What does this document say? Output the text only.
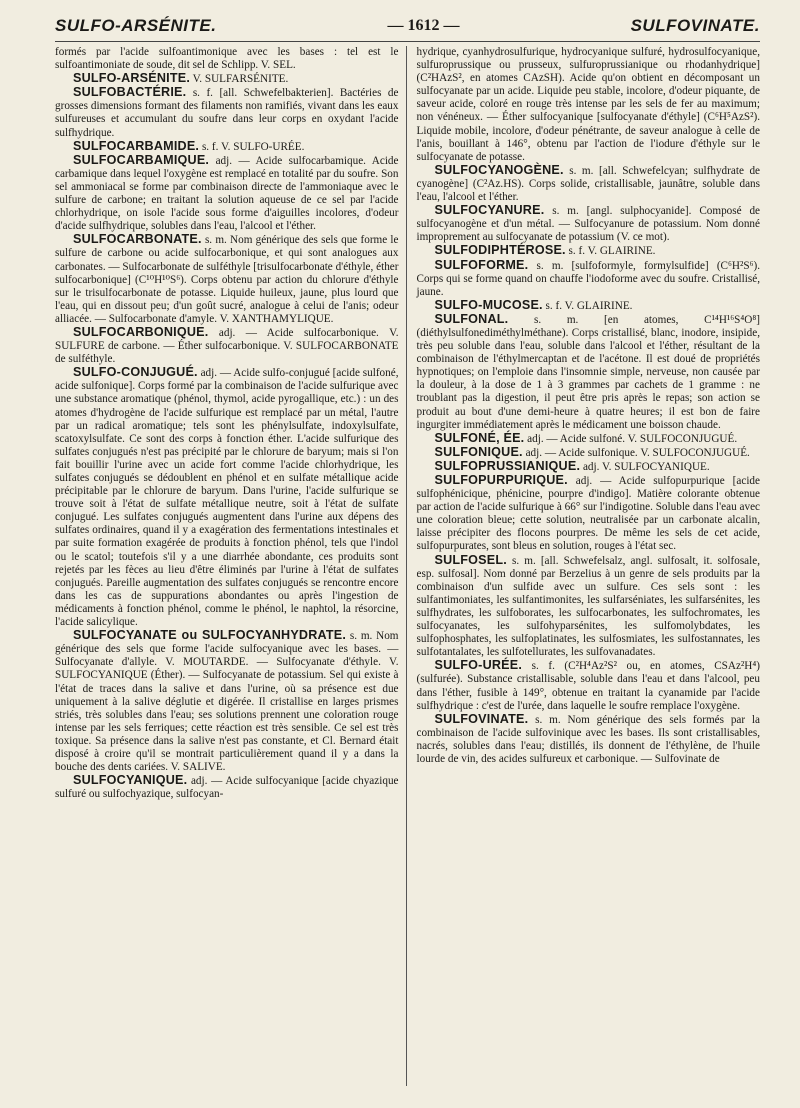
SULFO-ARSÉNITE.	— 1612 —	SULFOVINATE.

formés par l'acide sulfoantimonique avec les bases : tel est le sulfoantimoniate de soude, dit sel de Schlipp. V. SEL.

SULFO-ARSÉNITE. V. SULFARSÉNITE.

SULFOBACTÉRIE. s. f. [all. Schwefelbakterien]. Bactéries de grosses dimensions formant des filaments non ramifiés, vivant dans les eaux sulfureuses et accumulant du soufre dans leur corps en oxydant l'acide sulfhydrique.

SULFOCARBAMIDE. s. f. V. SULFO-URÉE.

SULFOCARBAMIQUE. adj. — Acide sulfocarbamique. Acide carbamique dans lequel l'oxygène est remplacé en totalité par du soufre. Son sel ammoniacal se forme par combinaison directe de l'ammoniaque avec le sulfure de carbone; en traitant la solution aqueuse de ce sel par l'acide chlorhydrique, on isole l'acide sous forme d'aiguilles incolores, d'odeur d'acide sulfhydrique, solubles dans l'eau, l'alcool et l'éther.

SULFOCARBONATE. s. m. Nom générique des sels que forme le sulfure de carbone ou acide sulfocarbonique, et qui sont analogues aux carbonates. — Sulfocarbonate de sulféthyle [trisulfocarbonate d'éthyle, éther sulfocarbonique] (C¹⁰H¹⁰S⁶). Corps obtenu par action du chlorure d'éthyle sur le trisulfocarbonate de potasse. Liquide huileux, jaune, plus lourd que l'eau, qui en dissout peu; d'un goût sucré, analogue à celui de l'anis; odeur alliacée. — Sulfocarbonate d'amyle. V. XANTHAMYLIQUE.

SULFOCARBONIQUE. adj. — Acide sulfocarbonique. V. SULFURE de carbone. — Éther sulfocarbonique. V. SULFOCARBONATE de sulféthyle.

SULFO-CONJUGUÉ. adj. — Acide sulfo-conjugué [acide sulfoné, acide sulfonique]. Corps formé par la combinaison de l'acide sulfurique avec une substance aromatique (phénol, thymol, acide pyrogallique, etc.) : un des atomes d'hydrogène de l'acide sulfurique est remplacé par un métal, l'autre par un radical aromatique; tels sont les phénylsulfate, indoxylsulfate, scatoxylsulfate. Ce sont des corps à fonction éther. L'acide sulfurique des sulfates conjugués n'est pas précipité par le chlorure de baryum; mais si l'on fait bouillir l'urine avec un acide fort comme l'acide chlorhydrique, les sulfates conjugués se dédoublent en phénol et en sulfate métallique acide précipitable par le chlorure de baryum. Dans l'urine, l'acide sulfurique se trouve soit à l'état de sulfate métallique neutre, soit à l'état de sulfate conjugué. Les sulfates conjugués augmentent dans l'urine aux dépens des sulfates ordinaires, quand il y a exagération des fermentations intestinales et par suite formation exagérée de produits à fonction phénol, tels que l'indol ou le scatol; toutefois s'il y a une diarrhée abondante, ces produits sont rejetés par les fèces au lieu d'être éliminés par l'urine à l'état de sulfates conjugués. Pareille augmentation des sulfates conjugués se rencontre encore dans les cas de suppurations abondantes ou après l'ingestion de médicaments à fonction phénol, comme le phénol, le naphtol, la résorcine, l'acide salicylique.

SULFOCYANATE ou SULFOCYANHYDRATE. s. m. Nom générique des sels que forme l'acide sulfocyanique avec les bases. — Sulfocyanate d'allyle. V. MOUTARDE. — Sulfocyanate d'éthyle. V. SULFOCYANIQUE (Éther). — Sulfocyanate de potassium. Sel qui existe à l'état de traces dans la salive et dans l'urine, où sa présence est due uniquement à la salive déglutie et digérée. Il cristallise en larges prismes striés, très solubles dans l'eau; ses solutions prennent une coloration rouge intense par les sels ferriques; cette réaction est très sensible. Ce sel est très toxique. Sa présence dans la salive n'est pas constante, et Cl. Bernard était disposé à croire qu'il se montrait particulièrement quand il y a dans la bouche des dents cariées. V. SALIVE.

SULFOCYANIQUE. adj. — Acide sulfocyanique [acide chyazique sulfuré ou sulfochyazique, sulfocyan-

hydrique, cyanhydrosulfurique, hydrocyanique sulfuré, hydrosulfocyanique, sulfuroprussique ou prusseux, sulfuroprussianique ou rhodanhydrique] (C²HAzS², en atomes CAzSH). Acide qu'on obtient en décomposant un sulfocyanate par un acide. Liquide peu stable, incolore, d'odeur piquante, de saveur acide, coloré en rouge très intense par les sels de fer au maximum; non vénéneux. — Éther sulfocyanique [sulfocyanate d'éthyle] (C⁶H⁵AzS²). Liquide mobile, incolore, d'odeur pénétrante, de saveur analogue à celle de l'anis, bouillant à 146°, obtenu par l'action de l'iodure d'éthyle sur le sulfocyanate de potasse.

SULFOCYANOGÈNE. s. m. [all. Schwefelcyan; sulfhydrate de cyanogène] (C²Az.HS). Corps solide, cristallisable, jaunâtre, soluble dans l'eau, l'alcool et l'éther.

SULFOCYANURE. s. m. [angl. sulphocyanide]. Composé de sulfocyanogène et d'un métal. — Sulfocyanure de potassium. Nom donné improprement au sulfocyanate de potassium (V. ce mot).

SULFODIPHTÉROSE. s. f. V. GLAIRINE.

SULFOFORME. s. m. [sulfoformyle, formylsulfide] (C⁶H²S⁶). Corps qui se forme quand on chauffe l'iodoforme avec du soufre. Cristallisé, jaune.

SULFO-MUCOSE. s. f. V. GLAIRINE.

SULFONAL. s. m. [en atomes, C¹⁴H¹⁶S⁴O⁸] (diéthylsulfonediméthylméthane). Corps cristallisé, blanc, inodore, insipide, très peu soluble dans l'eau, soluble dans l'alcool et l'éther, résultant de la combinaison de l'éthylmercaptan et de l'acétone. Il est doué de propriétés hypnotiques; on l'emploie dans l'insomnie simple, nerveuse, non causée par la douleur, à la dose de 1 à 3 grammes par cachets de 1 gramme : ne troublant pas la digestion, il peut être pris après le repas; son action se produit au bout d'une demi-heure à quatre heures; il est bon de faire ingurgiter immédiatement après le médicament une boisson chaude.

SULFONÉ, ÉE. adj. — Acide sulfoné. V. SULFOCONJUGUÉ.

SULFONIQUE. adj. — Acide sulfonique. V. SULFOCONJUGUÉ.

SULFOPRUSSIANIQUE. adj. V. SULFOCYANIQUE.

SULFOPURPURIQUE. adj. — Acide sulfopurpurique [acide sulfophénicique, phénicine, pourpre d'indigo]. Matière colorante obtenue par action de l'acide sulfurique à 66° sur l'indigotine. Soluble dans l'eau avec une coloration bleue; cette solution, neutralisée par un carbonate alcalin, laisse précipiter des flocons pourpres. De même les sels de cet acide, sulfopurpurates, sont bleus en solution, rouges à l'état sec.

SULFOSEL. s. m. [all. Schwefelsalz, angl. sulfosalt, it. solfosale, esp. sulfosal]. Nom donné par Berzelius à un genre de sels produits par la combinaison d'un sulfide avec un sulfure. Ces sels sont : les sulfantimoniates, les sulfantimonites, les sulfarséniates, les sulfarsénites, les sulfhydrates, les sulfoborates, les sulfocarbonates, les sulfochromates, les sulfocyanates, les sulfohyparsénites, les sulfomolybdates, les sulfophosphates, les sulfoplatinates, les sulfosmiates, les sulfostannates, les sulfotantalates, les sulfotellurates, les sulfovanadates.

SULFO-URÉE. s. f. (C²H⁴Az²S² ou, en atomes, CSAz²H⁴) (sulfurée). Substance cristallisable, soluble dans l'eau et dans l'alcool, peu dans l'éther, fusible à 149°, obtenue en traitant la cyanamide par l'acide sulfhydrique : c'est de l'urée, dans laquelle le soufre remplace l'oxygène.

SULFOVINATE. s. m. Nom générique des sels formés par la combinaison de l'acide sulfovinique avec les bases. Ils sont cristallisables, nacrés, solubles dans l'eau; distillés, ils donnent de l'éthylène, de l'huile lourde de vin, des acides sulfureux et carbonique. — Sulfovinate de
